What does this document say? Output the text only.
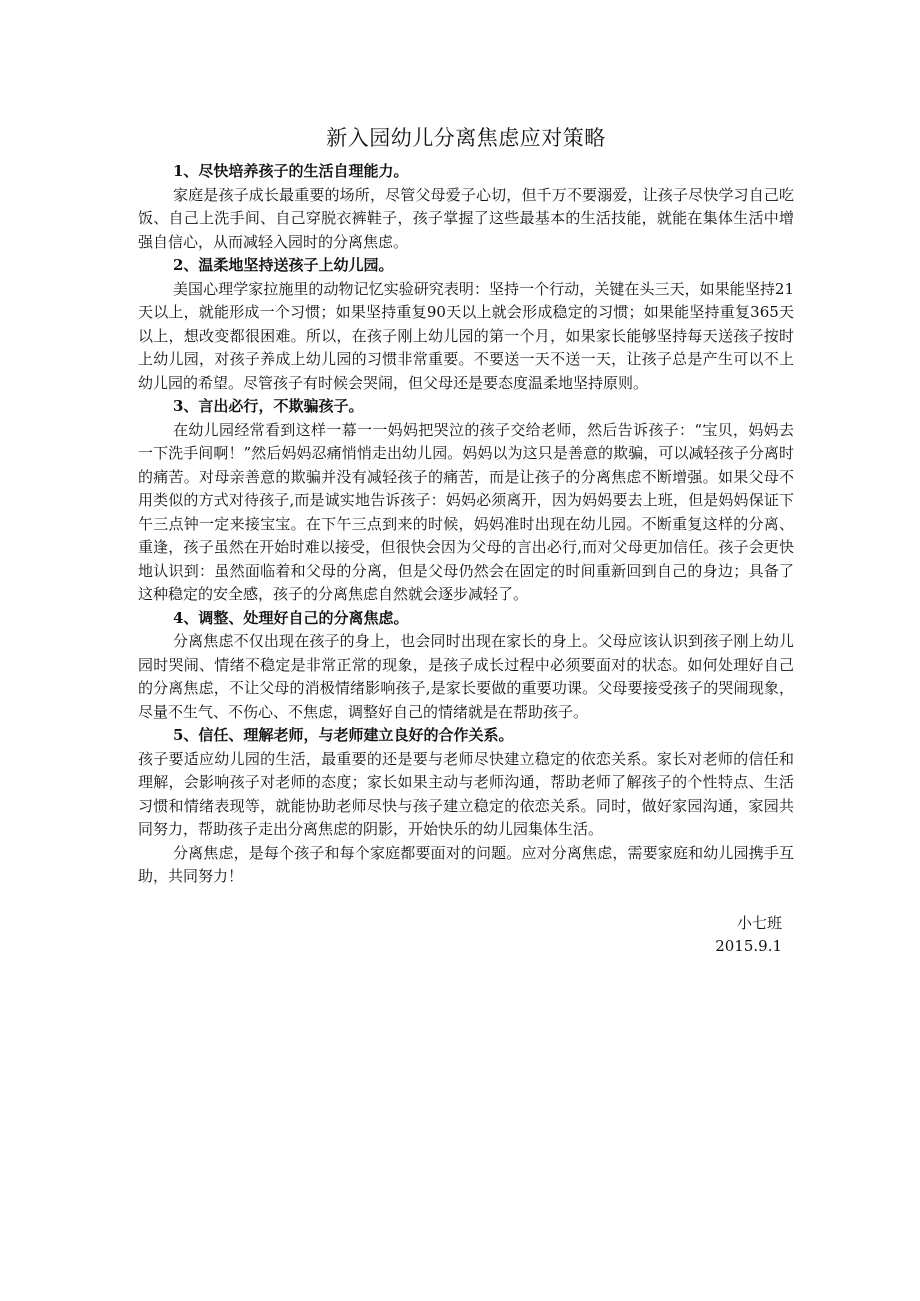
新入园幼儿分离焦虑应对策略

1、尽快培养孩子的生活自理能力。

家庭是孩子成长最重要的场所，尽管父母爱子心切，但千万不要溺爱，让孩子尽快学习自己吃饭、自己上洗手间、自己穿脱衣裤鞋子，孩子掌握了这些最基本的生活技能，就能在集体生活中增强自信心，从而减轻入园时的分离焦虑。

2、温柔地坚持送孩子上幼儿园。

美国心理学家拉施里的动物记忆实验研究表明：坚持一个行动，关键在头三天，如果能坚持21天以上，就能形成一个习惯；如果坚持重复90天以上就会形成稳定的习惯；如果能坚持重复365天以上，想改变都很困难。所以，在孩子刚上幼儿园的第一个月，如果家长能够坚持每天送孩子按时上幼儿园，对孩子养成上幼儿园的习惯非常重要。不要送一天不送一天，让孩子总是产生可以不上幼儿园的希望。尽管孩子有时候会哭闹，但父母还是要态度温柔地坚持原则。

3、言出必行，不欺骗孩子。

在幼儿园经常看到这样一幕一一妈妈把哭泣的孩子交给老师，然后告诉孩子：“宝贝，妈妈去一下洗手间啊！”然后妈妈忍痛悄悄走出幼儿园。妈妈以为这只是善意的欺骗，可以减轻孩子分离时的痛苦。对母亲善意的欺骗并没有减轻孩子的痛苦，而是让孩子的分离焦虑不断增强。如果父母不用类似的方式对待孩子,而是诚实地告诉孩子：妈妈必须离开，因为妈妈要去上班，但是妈妈保证下午三点钟一定来接宝宝。在下午三点到来的时候，妈妈准时出现在幼儿园。不断重复这样的分离、重逢，孩子虽然在开始时难以接受，但很快会因为父母的言出必行,而对父母更加信任。孩子会更快地认识到：虽然面临着和父母的分离，但是父母仍然会在固定的时间重新回到自己的身边；具备了这种稳定的安全感，孩子的分离焦虑自然就会逐步减轻了。

4、调整、处理好自己的分离焦虑。

分离焦虑不仅出现在孩子的身上，也会同时出现在家长的身上。父母应该认识到孩子刚上幼儿园时哭闹、情绪不稳定是非常正常的现象，是孩子成长过程中必须要面对的状态。如何处理好自己的分离焦虑，不让父母的消极情绪影响孩子,是家长要做的重要功课。父母要接受孩子的哭闹现象，尽量不生气、不伤心、不焦虑，调整好自己的情绪就是在帮助孩子。

5、信任、理解老师，与老师建立良好的合作关系。

孩子要适应幼儿园的生活，最重要的还是要与老师尽快建立稳定的依恋关系。家长对老师的信任和理解，会影响孩子对老师的态度；家长如果主动与老师沟通，帮助老师了解孩子的个性特点、生活习惯和情绪表现等，就能协助老师尽快与孩子建立稳定的依恋关系。同时，做好家园沟通，家园共同努力，帮助孩子走出分离焦虑的阴影，开始快乐的幼儿园集体生活。

分离焦虑，是每个孩子和每个家庭都要面对的问题。应对分离焦虑，需要家庭和幼儿园携手互助，共同努力！

小七班

2015.9.1
